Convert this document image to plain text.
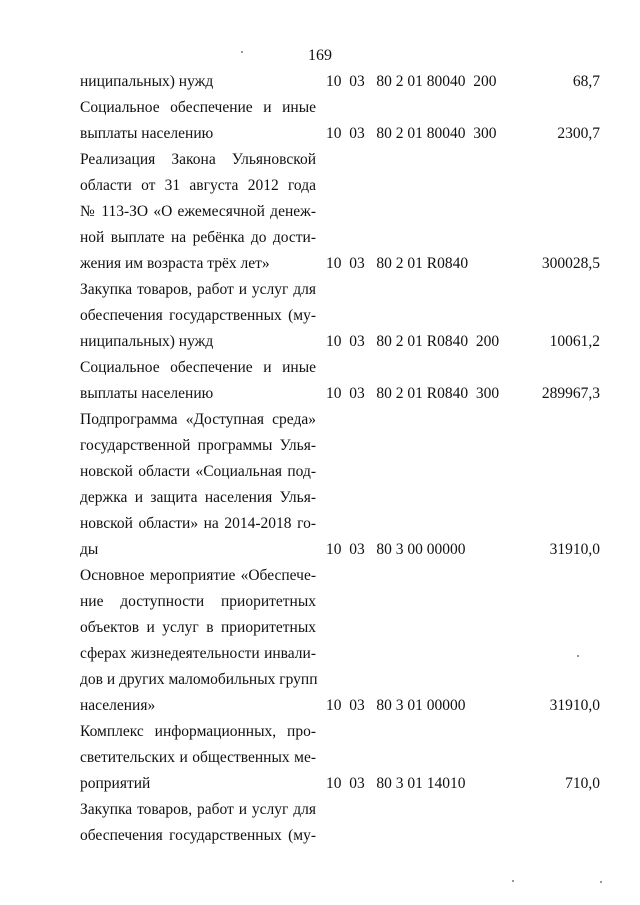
169
ниципальных) нужд	10  03   80 2 01 80040  200	68,7
Социальное обеспечение и иные
выплаты населению	10  03   80 2 01 80040  300	2300,7
Реализация Закона Ульяновской
области от 31 августа 2012 года
№ 113-ЗО «О ежемесячной денеж-
ной выплате на ребёнка до дости-
жения им возраста трёх лет»	10  03   80 2 01 R0840	300028,5
Закупка товаров, работ и услуг для
обеспечения государственных (му-
ниципальных) нужд	10  03   80 2 01 R0840  200	10061,2
Социальное обеспечение и иные
выплаты населению	10  03   80 2 01 R0840  300	289967,3
Подпрограмма «Доступная среда»
государственной программы Улья-
новской области «Социальная под-
держка и защита населения Улья-
новской области» на 2014-2018 го-
ды	10  03   80 3 00 00000	31910,0
Основное мероприятие «Обеспече-
ние доступности приоритетных
объектов и услуг в приоритетных
сферах жизнедеятельности инвали-
дов и других маломобильных групп
населения»	10  03   80 3 01 00000	31910,0
Комплекс информационных, про-
светительских и общественных ме-
роприятий	10  03   80 3 01 14010	710,0
Закупка товаров, работ и услуг для
обеспечения государственных (му-
